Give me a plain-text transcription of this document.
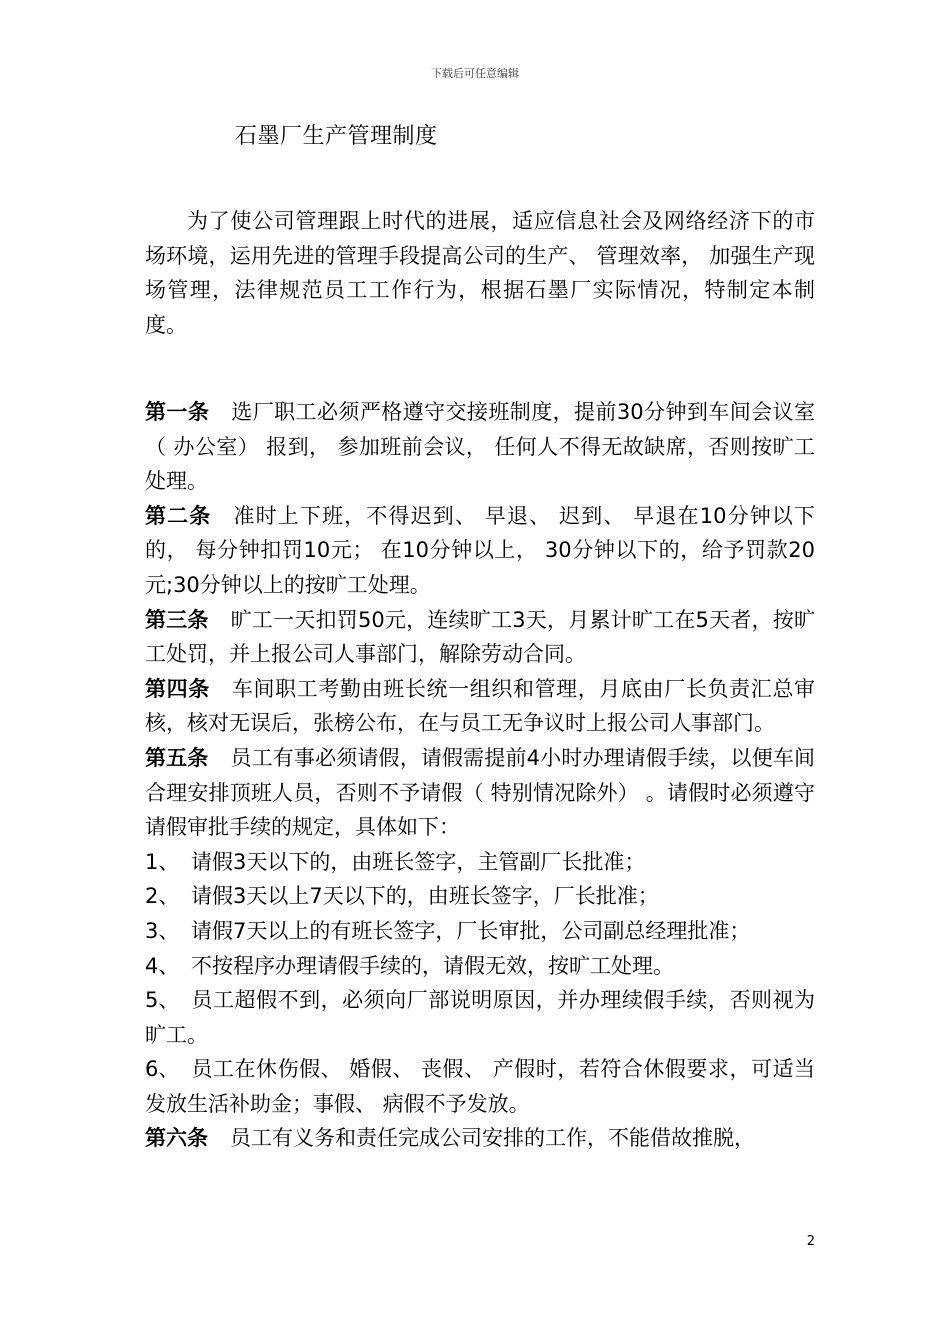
下载后可任意编辑
石墨厂生产管理制度
为了使公司管理跟上时代的进展，适应信息社会及网络经济下的市场环境，运用先进的管理手段提高公司的生产、 管理效率， 加强生产现场管理，法律规范员工工作行为，根据石墨厂实际情况，特制定本制度。

第一条 选厂职工必须严格遵守交接班制度，提前30分钟到车间会议室（ 办公室） 报到， 参加班前会议， 任何人不得无故缺席，否则按旷工处理。

第二条 准时上下班，不得迟到、 早退、 迟到、 早退在10分钟以下的， 每分钟扣罚10元； 在10分钟以上， 30分钟以下的，给予罚款20元;30分钟以上的按旷工处理。

第三条 旷工一天扣罚50元，连续旷工3天，月累计旷工在5天者，按旷工处罚，并上报公司人事部门，解除劳动合同。

第四条 车间职工考勤由班长统一组织和管理，月底由厂长负责汇总审核，核对无误后，张榜公布，在与员工无争议时上报公司人事部门。

第五条 员工有事必须请假，请假需提前4小时办理请假手续，以便车间合理安排顶班人员，否则不予请假（ 特别情况除外） 。请假时必须遵守请假审批手续的规定，具体如下：

1、 请假3天以下的，由班长签字，主管副厂长批准；
2、 请假3天以上7天以下的，由班长签字，厂长批准；
3、 请假7天以上的有班长签字，厂长审批，公司副总经理批准；
4、 不按程序办理请假手续的，请假无效，按旷工处理。
5、 员工超假不到，必须向厂部说明原因，并办理续假手续，否则视为旷工。
6、 员工在休伤假、 婚假、 丧假、 产假时，若符合休假要求，可适当发放生活补助金；事假、 病假不予发放。

第六条 员工有义务和责任完成公司安排的工作，不能借故推脱，

2
